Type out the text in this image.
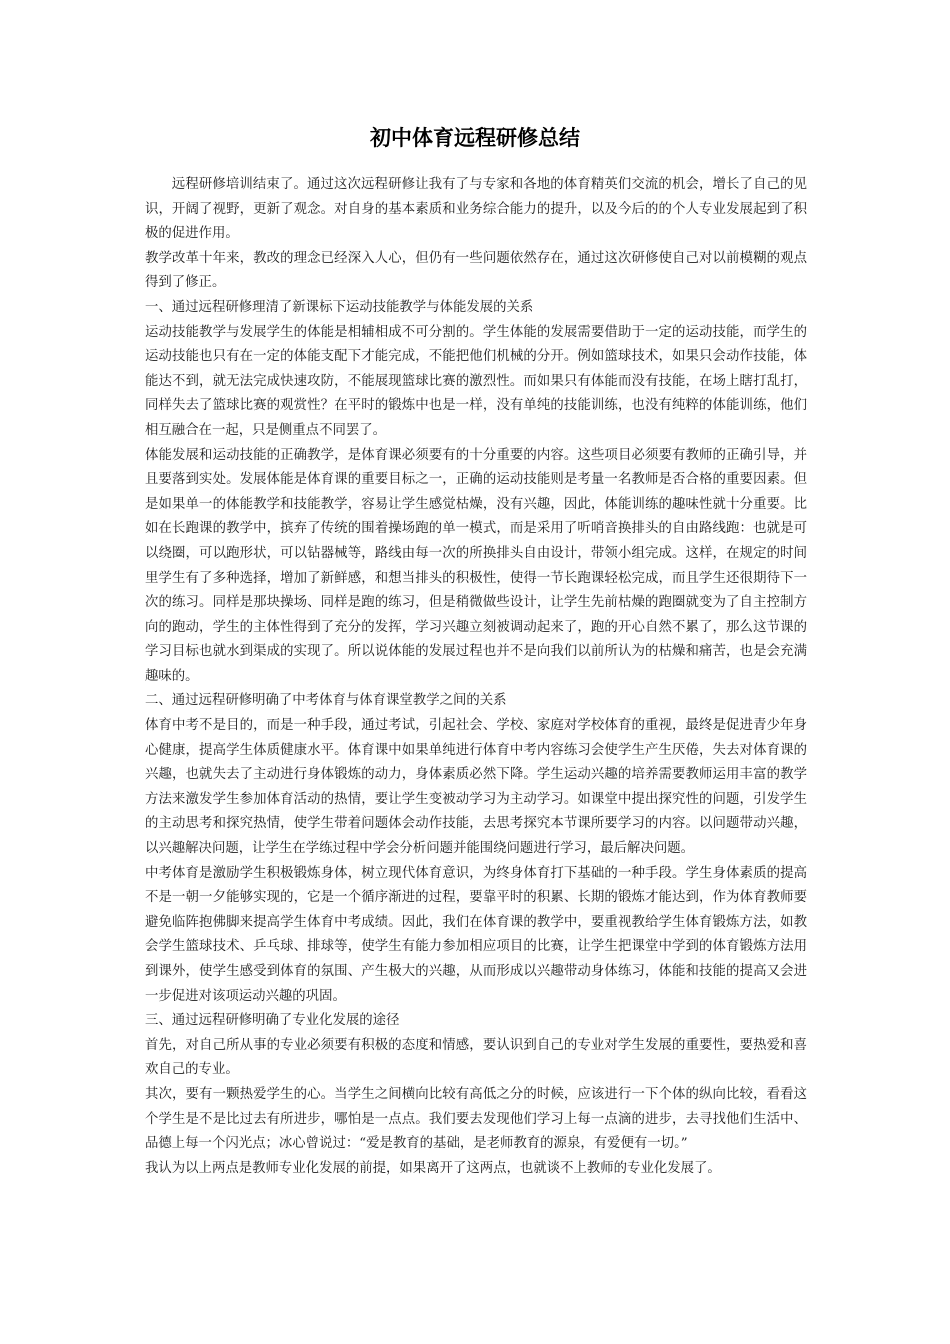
初中体育远程研修总结

远程研修培训结束了。通过这次远程研修让我有了与专家和各地的体育精英们交流的机会，增长了自己的见识，开阔了视野，更新了观念。对自身的基本素质和业务综合能力的提升，以及今后的的个人专业发展起到了积极的促进作用。

教学改革十年来，教改的理念已经深入人心，但仍有一些问题依然存在，通过这次研修使自己对以前模糊的观点得到了修正。

一、通过远程研修理清了新课标下运动技能教学与体能发展的关系

运动技能教学与发展学生的体能是相辅相成不可分割的。学生体能的发展需要借助于一定的运动技能，而学生的运动技能也只有在一定的体能支配下才能完成，不能把他们机械的分开。例如篮球技术，如果只会动作技能，体能达不到，就无法完成快速攻防，不能展现篮球比赛的激烈性。而如果只有体能而没有技能，在场上瞎打乱打，同样失去了篮球比赛的观赏性？在平时的锻炼中也是一样，没有单纯的技能训练，也没有纯粹的体能训练，他们相互融合在一起，只是侧重点不同罢了。

体能发展和运动技能的正确教学，是体育课必须要有的十分重要的内容。这些项目必须要有教师的正确引导，并且要落到实处。发展体能是体育课的重要目标之一，正确的运动技能则是考量一名教师是否合格的重要因素。但是如果单一的体能教学和技能教学，容易让学生感觉枯燥，没有兴趣，因此，体能训练的趣味性就十分重要。比如在长跑课的教学中，摈弃了传统的围着操场跑的单一模式，而是采用了听哨音换排头的自由路线跑：也就是可以绕圈，可以跑形状，可以钻器械等，路线由每一次的所换排头自由设计，带领小组完成。这样，在规定的时间里学生有了多种选择，增加了新鲜感，和想当排头的积极性，使得一节长跑课轻松完成，而且学生还很期待下一次的练习。同样是那块操场、同样是跑的练习，但是稍微做些设计，让学生先前枯燥的跑圈就变为了自主控制方向的跑动，学生的主体性得到了充分的发挥，学习兴趣立刻被调动起来了，跑的开心自然不累了，那么这节课的学习目标也就水到渠成的实现了。所以说体能的发展过程也并不是向我们以前所认为的枯燥和痛苦，也是会充满趣味的。

二、通过远程研修明确了中考体育与体育课堂教学之间的关系

体育中考不是目的，而是一种手段，通过考试，引起社会、学校、家庭对学校体育的重视，最终是促进青少年身心健康，提高学生体质健康水平。体育课中如果单纯进行体育中考内容练习会使学生产生厌倦，失去对体育课的兴趣，也就失去了主动进行身体锻炼的动力，身体素质必然下降。学生运动兴趣的培养需要教师运用丰富的教学方法来激发学生参加体育活动的热情，要让学生变被动学习为主动学习。如课堂中提出探究性的问题，引发学生的主动思考和探究热情，使学生带着问题体会动作技能，去思考探究本节课所要学习的内容。以问题带动兴趣，以兴趣解决问题，让学生在学练过程中学会分析问题并能围绕问题进行学习，最后解决问题。

中考体育是激励学生积极锻炼身体，树立现代体育意识，为终身体育打下基础的一种手段。学生身体素质的提高不是一朝一夕能够实现的，它是一个循序渐进的过程，要靠平时的积累、长期的锻炼才能达到，作为体育教师要避免临阵抱佛脚来提高学生体育中考成绩。因此，我们在体育课的教学中，要重视教给学生体育锻炼方法，如教会学生篮球技术、乒乓球、排球等，使学生有能力参加相应项目的比赛，让学生把课堂中学到的体育锻炼方法用到课外，使学生感受到体育的氛围、产生极大的兴趣，从而形成以兴趣带动身体练习，体能和技能的提高又会进一步促进对该项运动兴趣的巩固。

三、通过远程研修明确了专业化发展的途径

首先，对自己所从事的专业必须要有积极的态度和情感，要认识到自己的专业对学生发展的重要性，要热爱和喜欢自己的专业。

其次，要有一颗热爱学生的心。当学生之间横向比较有高低之分的时候，应该进行一下个体的纵向比较，看看这个学生是不是比过去有所进步，哪怕是一点点。我们要去发现他们学习上每一点滴的进步，去寻找他们生活中、品德上每一个闪光点；冰心曾说过：“爱是教育的基础，是老师教育的源泉，有爱便有一切。”

我认为以上两点是教师专业化发展的前提，如果离开了这两点，也就谈不上教师的专业化发展了。
